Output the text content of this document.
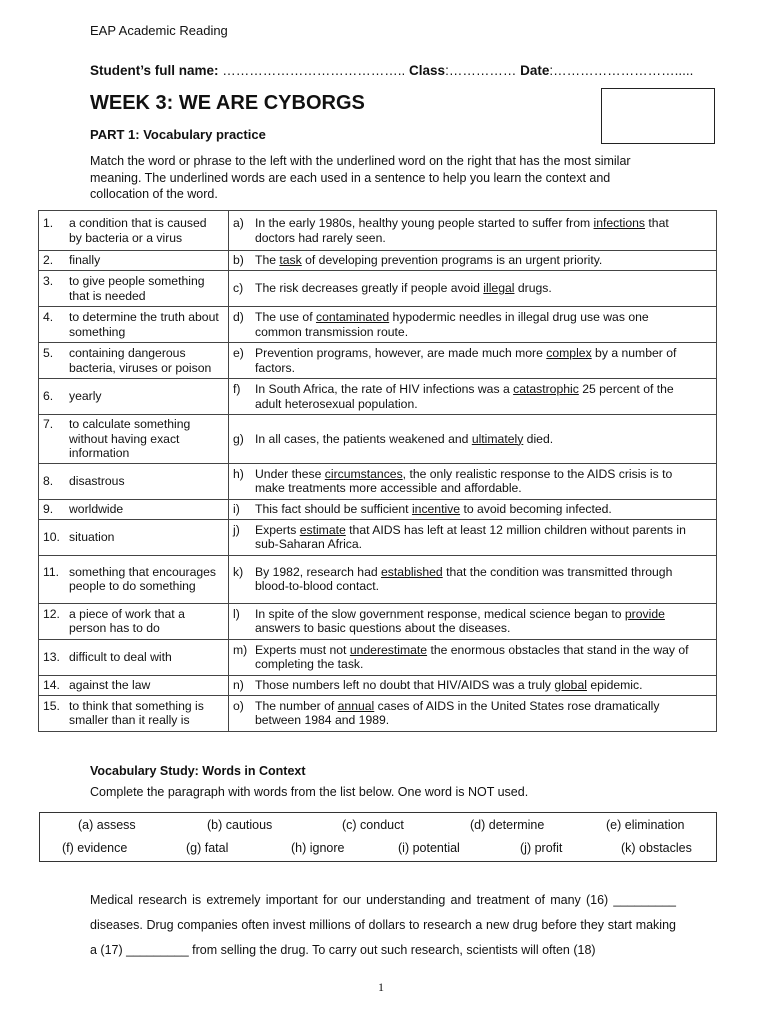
EAP Academic Reading
Student’s full name: ………………………………….. Class:…………… Date:……………………….....
WEEK 3: WE ARE CYBORGS
PART 1: Vocabulary practice
Match the word or phrase to the left with the underlined word on the right that has the most similar meaning. The underlined words are each used in a sentence to help you learn the context and collocation of the word.
1. a condition that is caused by bacteria or a virus	a) In the early 1980s, healthy young people started to suffer from infections that doctors had rarely seen.
2. finally	b) The task of developing prevention programs is an urgent priority.
3. to give people something that is needed	c) The risk decreases greatly if people avoid illegal drugs.
4. to determine the truth about something	d) The use of contaminated hypodermic needles in illegal drug use was one common transmission route.
5. containing dangerous bacteria, viruses or poison	e) Prevention programs, however, are made much more complex by a number of factors.
6. yearly	f) In South Africa, the rate of HIV infections was a catastrophic 25 percent of the adult heterosexual population.
7. to calculate something without having exact information	g) In all cases, the patients weakened and ultimately died.
8. disastrous	h) Under these circumstances, the only realistic response to the AIDS crisis is to make treatments more accessible and affordable.
9. worldwide	i) This fact should be sufficient incentive to avoid becoming infected.
10. situation	j) Experts estimate that AIDS has left at least 12 million children without parents in sub-Saharan Africa.
11. something that encourages people to do something	k) By 1982, research had established that the condition was transmitted through blood-to-blood contact.
12. a piece of work that a person has to do	l) In spite of the slow government response, medical science began to provide answers to basic questions about the diseases.
13. difficult to deal with	m) Experts must not underestimate the enormous obstacles that stand in the way of completing the task.
14. against the law	n) Those numbers left no doubt that HIV/AIDS was a truly global epidemic.
15. to think that something is smaller than it really is	o) The number of annual cases of AIDS in the United States rose dramatically between 1984 and 1989.
Vocabulary Study: Words in Context
Complete the paragraph with words from the list below. One word is NOT used.
(a) assess	(b) cautious	(c) conduct	(d) determine	(e) elimination
(f) evidence	(g) fatal	(h) ignore	(i) potential	(j) profit	(k) obstacles
Medical research is extremely important for our understanding and treatment of many (16) _________ diseases. Drug companies often invest millions of dollars to research a new drug before they start making a (17) _________ from selling the drug. To carry out such research, scientists will often (18)
1
